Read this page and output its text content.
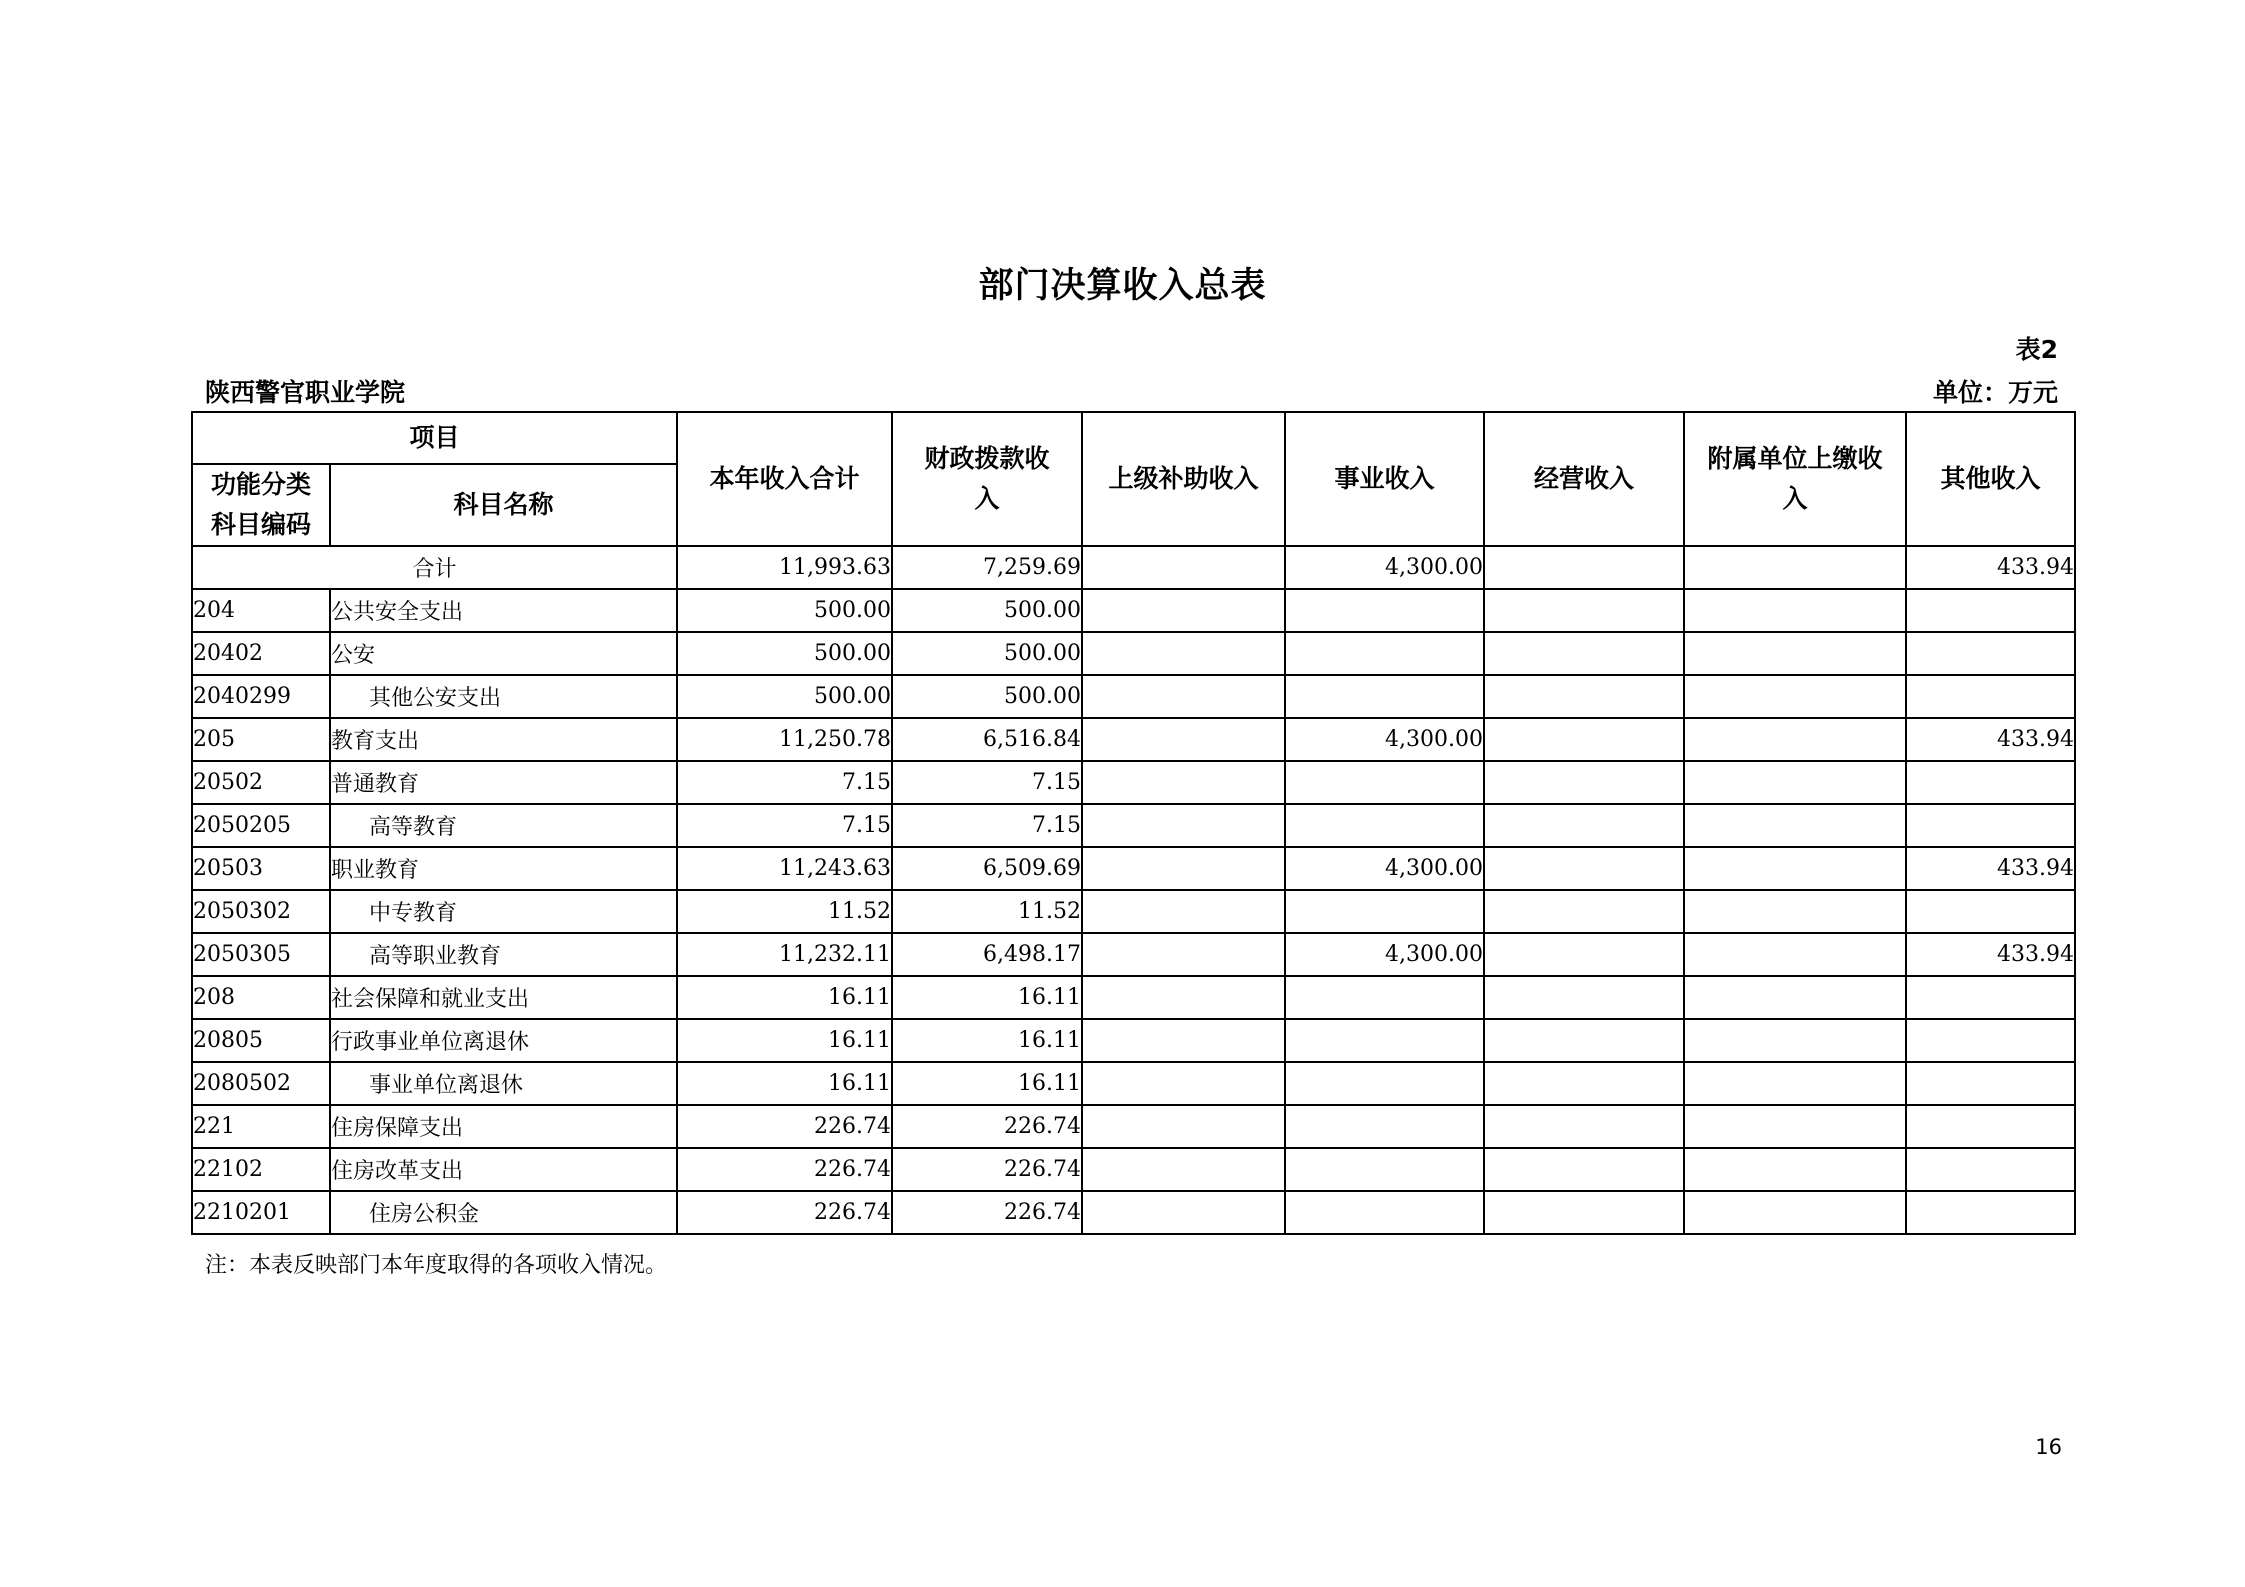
部门决算收入总表
表2
陕西警官职业学院	单位：万元
项目		本年收入合计	财政拨款收入	上级补助收入	事业收入	经营收入	附属单位上缴收入	其他收入
功能分类科目编码	科目名称							
合计		11,993.63	7,259.69		4,300.00			433.94
204	公共安全支出	500.00	500.00					
20402	公安	500.00	500.00					
2040299	其他公安支出	500.00	500.00					
205	教育支出	11,250.78	6,516.84		4,300.00			433.94
20502	普通教育	7.15	7.15					
2050205	高等教育	7.15	7.15					
20503	职业教育	11,243.63	6,509.69		4,300.00			433.94
2050302	中专教育	11.52	11.52					
2050305	高等职业教育	11,232.11	6,498.17		4,300.00			433.94
208	社会保障和就业支出	16.11	16.11					
20805	行政事业单位离退休	16.11	16.11					
2080502	事业单位离退休	16.11	16.11					
221	住房保障支出	226.74	226.74					
22102	住房改革支出	226.74	226.74					
2210201	住房公积金	226.74	226.74					
注：本表反映部门本年度取得的各项收入情况。
16
